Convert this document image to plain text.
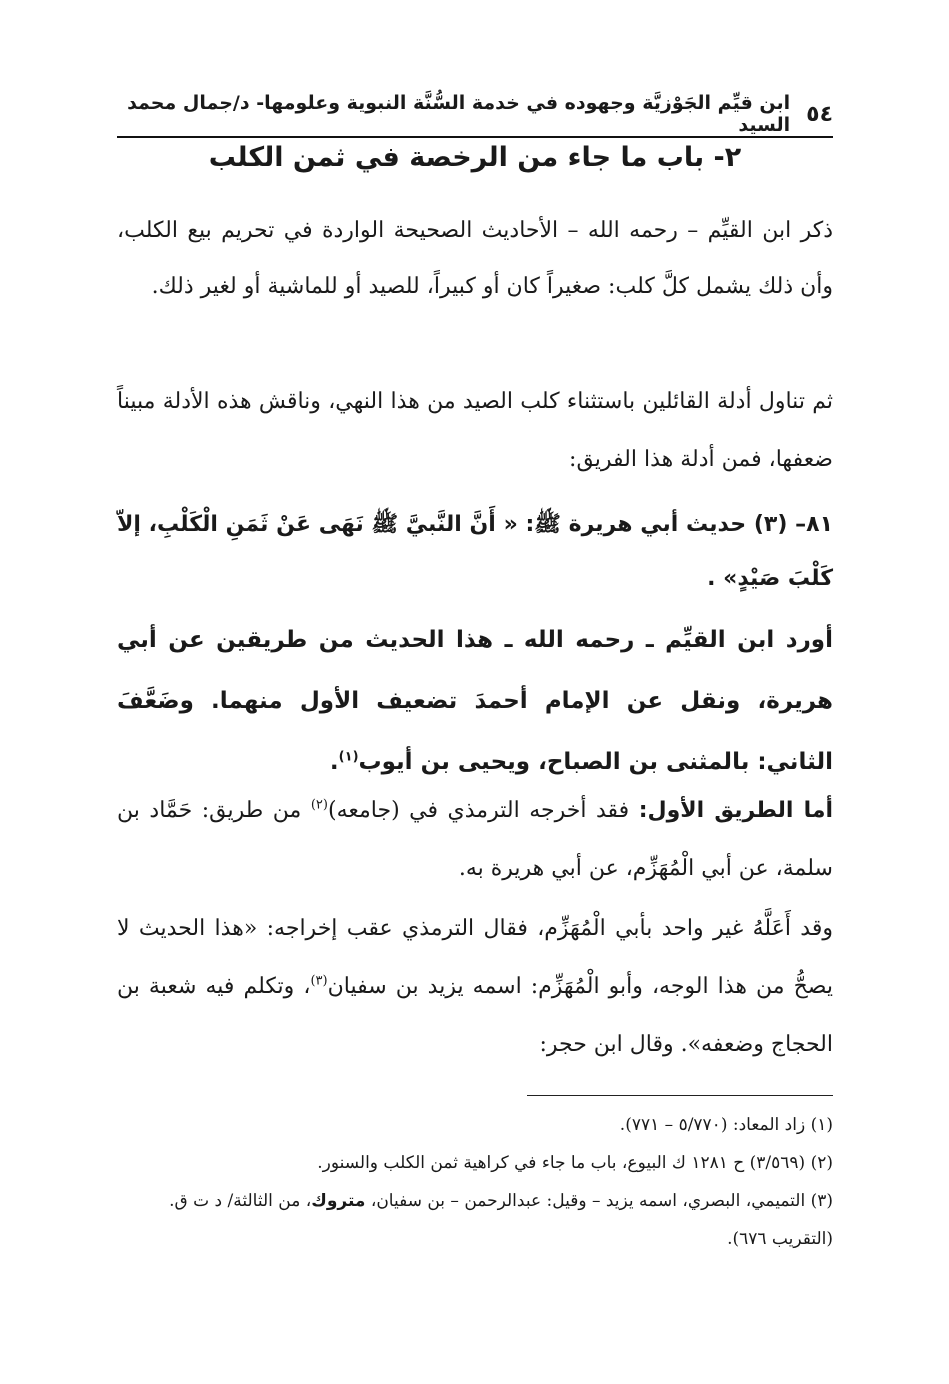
٥٤
ابن قيِّم الجَوْزيَّة وجهوده في خدمة السُّنَّة النبوية وعلومها- د/جمال محمد السيد
٢- باب ما جاء من الرخصة في ثمن الكلب

ذكر ابن القيِّم – رحمه الله – الأحاديث الصحيحة الواردة في تحريم بيع الكلب، وأن ذلك يشمل كلَّ كلب: صغيراً كان أو كبيراً، للصيد أو للماشية أو لغير ذلك.

ثم تناول أدلة القائلين باستثناء كلب الصيد من هذا النهي، وناقش هذه الأدلة مبيناً ضعفها، فمن أدلة هذا الفريق:

٨١– (٣) حديث أبي هريرة ﷺ: « أَنَّ النَّبيَّ ﷺ نَهَى عَنْ ثَمَنِ الْكَلْبِ، إلاّ كَلْبَ صَيْدٍ» .

أورد ابن القيِّم ـ رحمه الله ـ هذا الحديث من طريقين عن أبي هريرة، ونقل عن الإمام أحمدَ تضعيف الأول منهما. وضَعَّفَ الثاني: بالمثنى بن الصباح، ويحيى بن أيوب$^{(١)}$.

أما الطريق الأول: فقد أخرجه الترمذي في (جامعه)$^{(٢)}$ من طريق: حَمَّاد بن سلمة، عن أبي الْمُهَزِّم، عن أبي هريرة به.

وقد أَعَلَّهُ غير واحد بأبي الْمُهَزِّم، فقال الترمذي عقب إخراجه: «هذا الحديث لا يصحُّ من هذا الوجه، وأبو الْمُهَزِّم: اسمه يزيد بن سفيان$^{(٣)}$، وتكلم فيه شعبة بن الحجاج وضعفه». وقال ابن حجر:

(١) زاد المعاد: (٥/٧٧٠ – ٧٧١).

(٢) (٣/٥٦٩) ح ١٢٨١ ك البيوع، باب ما جاء في كراهية ثمن الكلب والسنور.

(٣) التميمي، البصري، اسمه يزيد – وقيل: عبدالرحمن – بن سفيان، متروك، من الثالثة/ د ت ق. (التقريب ٦٧٦).
